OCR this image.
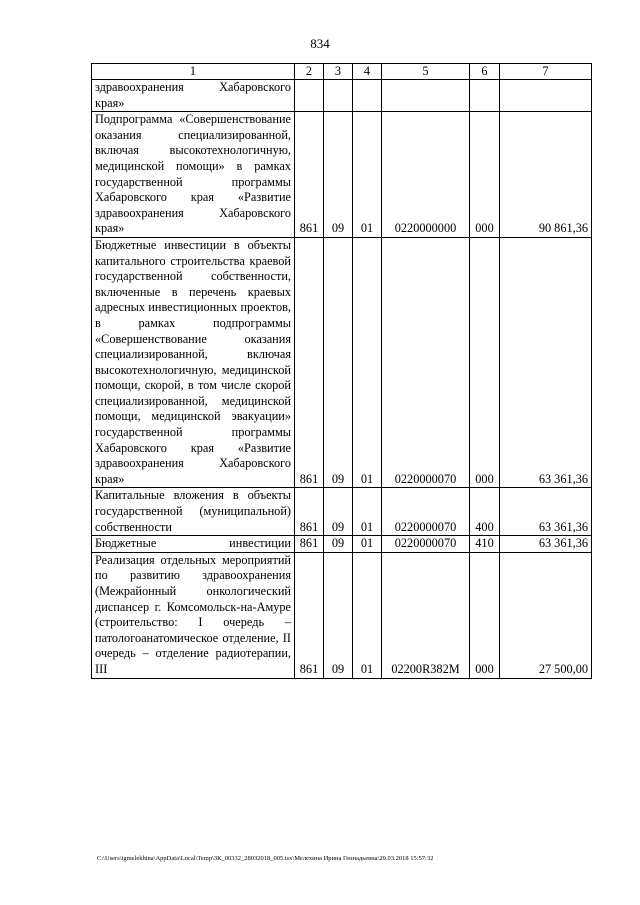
834
1	2	3	4	5	6	7

здравоохранения Хабаровского края»						

Подпрограмма «Совершенствование оказания специализированной, включая высокотехнологичную, медицинской помощи» в рамках государственной программы Хабаровского края «Развитие здравоохранения Хабаровского края»	861	09	01	0220000000	000	90 861,36

Бюджетные инвестиции в объекты капитального строительства краевой государственной собственности, включенные в перечень краевых адресных инвестиционных проектов, в рамках подпрограммы «Совершенствование оказания специализированной, включая высокотехнологичную, медицинской помощи, скорой, в том числе скорой специализированной, медицинской помощи, медицинской эвакуации» государственной программы Хабаровского края «Развитие здравоохранения Хабаровского края»	861	09	01	0220000070	000	63 361,36

Капитальные вложения в объекты государственной (муниципальной) собственности	861	09	01	0220000070	400	63 361,36

Бюджетные инвестиции	861	09	01	0220000070	410	63 361,36

Реализация отдельных мероприятий по развитию здравоохранения (Межрайонный онкологический диспансер г. Комсомольск-на-Амуре (строительство: I очередь – патологоанатомическое отделение, II очередь – отделение радиотерапии, III	861	09	01	02200R382M	000	27 500,00
C:\Users\igmelekhina\AppData\Local\Temp\ЗК_00332_28032018_005.tsx\Мелехина Ирина Геннадьевна\29.03.2018 15:57:32
